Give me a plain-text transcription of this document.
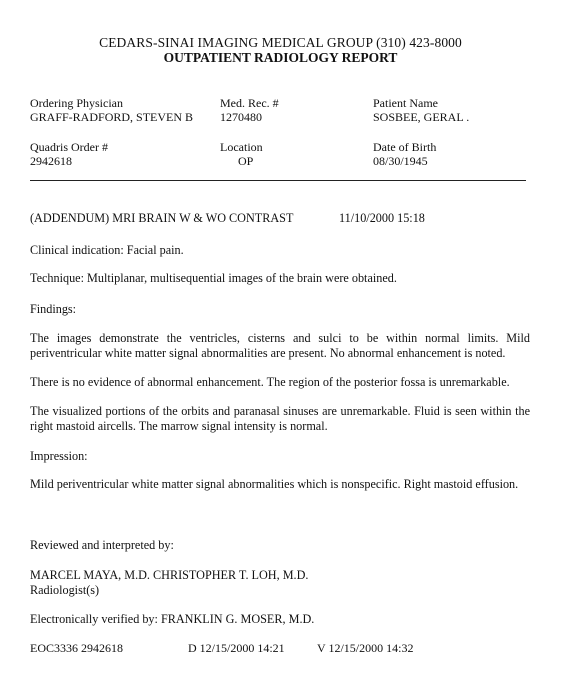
CEDARS-SINAI IMAGING MEDICAL GROUP (310) 423-8000
OUTPATIENT RADIOLOGY REPORT
Ordering Physician
GRAFF-RADFORD, STEVEN B
Med. Rec. #
1270480
Patient Name
SOSBEE, GERAL .
Quadris Order #
2942618
Location
OP
Date of Birth
08/30/1945
(ADDENDUM) MRI BRAIN W & WO CONTRAST	11/10/2000 15:18
Clinical indication: Facial pain.
Technique: Multiplanar, multisequential images of the brain were obtained.
Findings:
The images demonstrate the ventricles, cisterns and sulci to be within normal limits. Mild periventricular white matter signal abnormalities are present. No abnormal enhancement is noted.
There is no evidence of abnormal enhancement. The region of the posterior fossa is unremarkable.
The visualized portions of the orbits and paranasal sinuses are unremarkable. Fluid is seen within the right mastoid aircells. The marrow signal intensity is normal.
Impression:
Mild periventricular white matter signal abnormalities which is nonspecific. Right mastoid effusion.
Reviewed and interpreted by:
MARCEL MAYA, M.D. CHRISTOPHER T. LOH, M.D.
Radiologist(s)
Electronically verified by: FRANKLIN G. MOSER, M.D.
EOC3336 2942618	D 12/15/2000 14:21	V 12/15/2000 14:32
